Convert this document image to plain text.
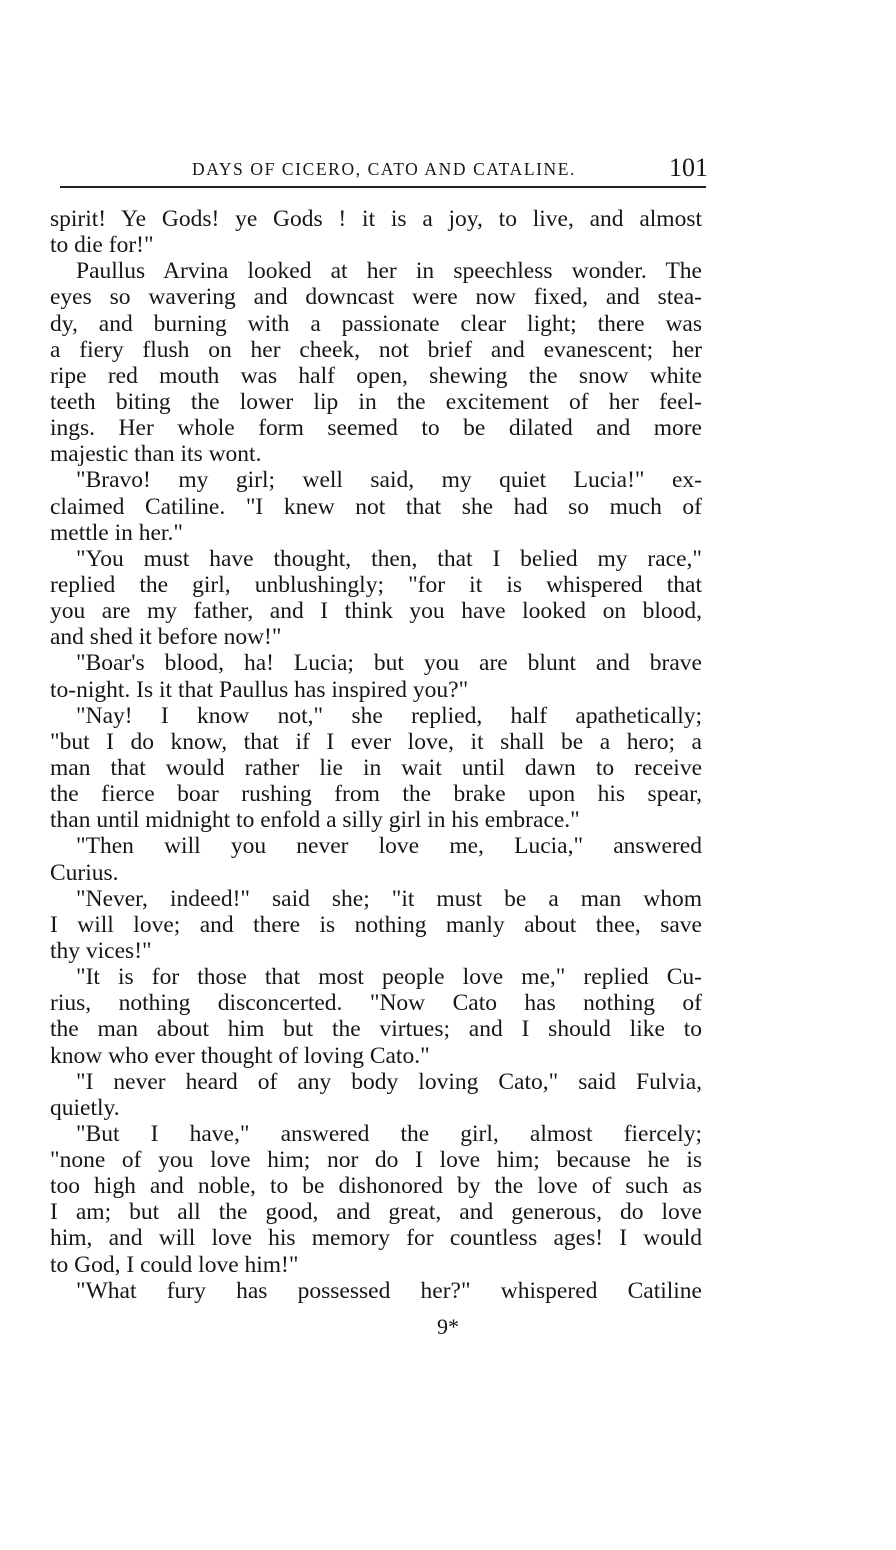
DAYS OF CICERO, CATO AND CATALINE.	101
spirit! Ye Gods! ye Gods ! it is a joy, to live, and almost
to die for!"
Paullus Arvina looked at her in speechless wonder. The
eyes so wavering and downcast were now fixed, and stea-
dy, and burning with a passionate clear light; there was
a fiery flush on her cheek, not brief and evanescent; her
ripe red mouth was half open, shewing the snow white
teeth biting the lower lip in the excitement of her feel-
ings. Her whole form seemed to be dilated and more
majestic than its wont.
"Bravo! my girl; well said, my quiet Lucia!" ex-
claimed Catiline. "I knew not that she had so much of
mettle in her."
"You must have thought, then, that I belied my race,"
replied the girl, unblushingly; "for it is whispered that
you are my father, and I think you have looked on blood,
and shed it before now!"
"Boar's blood, ha! Lucia; but you are blunt and brave
to-night. Is it that Paullus has inspired you?"
"Nay! I know not," she replied, half apathetically;
"but I do know, that if I ever love, it shall be a hero; a
man that would rather lie in wait until dawn to receive
the fierce boar rushing from the brake upon his spear,
than until midnight to enfold a silly girl in his embrace."
"Then will you never love me, Lucia," answered
Curius.
"Never, indeed!" said she; "it must be a man whom
I will love; and there is nothing manly about thee, save
thy vices!"
"It is for those that most people love me," replied Cu-
rius, nothing disconcerted. "Now Cato has nothing of
the man about him but the virtues; and I should like to
know who ever thought of loving Cato."
"I never heard of any body loving Cato," said Fulvia,
quietly.
"But I have," answered the girl, almost fiercely;
"none of you love him; nor do I love him; because he is
too high and noble, to be dishonored by the love of such as
I am; but all the good, and great, and generous, do love
him, and will love his memory for countless ages! I would
to God, I could love him!"
"What fury has possessed her?" whispered Catiline
9*
